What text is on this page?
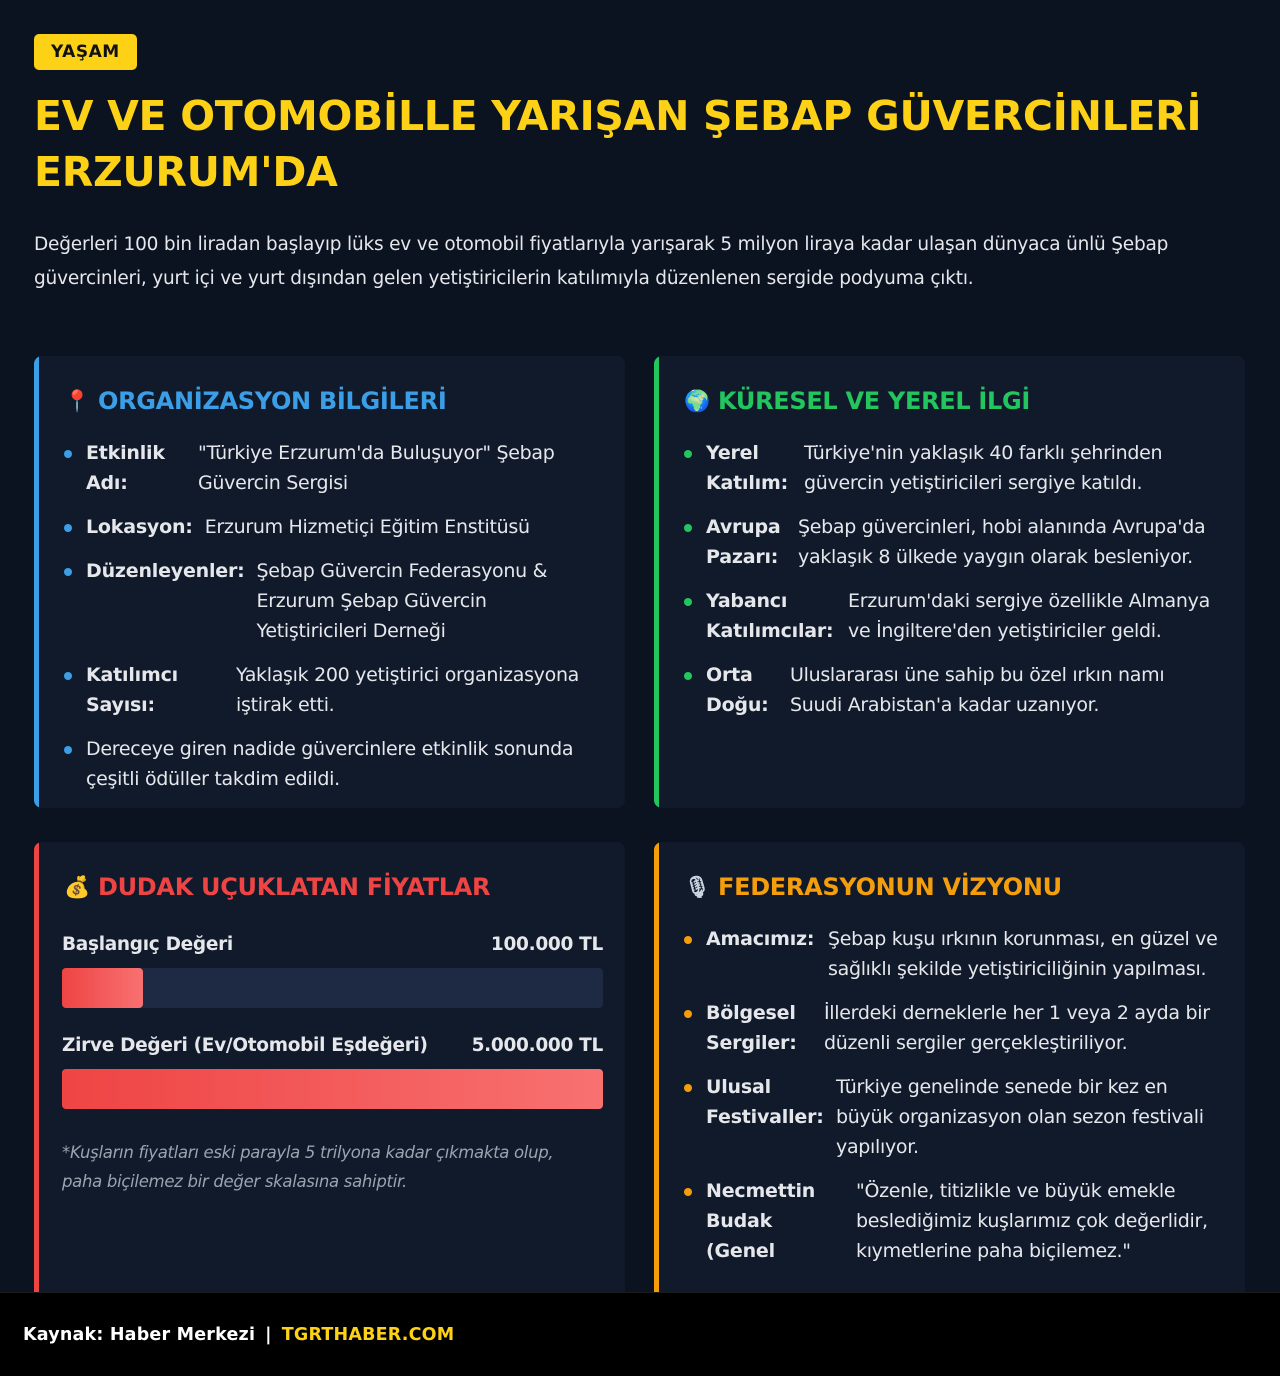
YAŞAM
EV VE OTOMOBİLLE YARIŞAN ŞEBAP GÜVERCİNLERİ ERZURUM'DA

Değerleri 100 bin liradan başlayıp lüks ev ve otomobil fiyatlarıyla yarışarak 5 milyon liraya kadar ulaşan dünyaca ünlü Şebap güvercinleri, yurt içi ve yurt dışından gelen yetiştiricilerin katılımıyla düzenlenen sergide podyuma çıktı.

📍 ORGANİZASYON BİLGİLERİ
Etkinlik Adı:
"Türkiye Erzurum'da Buluşuyor" Şebap Güvercin Sergisi
Lokasyon: Erzurum Hizmetiçi Eğitim Enstitüsü
Düzenleyenler: Şebap Güvercin Federasyonu & Erzurum Şebap Güvercin Yetiştiricileri Derneği
Katılımcı Sayısı:
Yaklaşık 200 yetiştirici organizasyona iştirak etti.
Dereceye giren nadide güvercinlere etkinlik sonunda çeşitli ödüller takdim edildi.
🌍 KÜRESEL VE YEREL İLGİ
Yerel Katılım:
Türkiye'nin yaklaşık 40 farklı şehrinden güvercin yetiştiricileri sergiye katıldı.
Avrupa Pazarı:
Şebap güvercinleri, hobi alanında Avrupa'da yaklaşık 8 ülkede yaygın olarak besleniyor.
Yabancı Katılımcılar:
Erzurum'daki sergiye özellikle Almanya ve İngiltere'den yetiştiriciler geldi.
Orta Doğu:
Uluslararası üne sahip bu özel ırkın namı Suudi Arabistan'a kadar uzanıyor.
💰 DUDAK UÇUKLATAN FİYATLAR
Başlangıç Değeri	100.000 TL
Zirve Değeri (Ev/Otomobil Eşdeğeri) 5.000.000 TL

*Kuşların fiyatları eski parayla 5 trilyona kadar çıkmakta olup, paha biçilemez bir değer skalasına sahiptir.

🎙 FEDERASYONUN VİZYONU
Amacımız: Şebap kuşu ırkının korunması, en güzel ve sağlıklı şekilde yetiştiriciliğinin yapılması.
Bölgesel Sergiler:
İllerdeki derneklerle her 1 veya 2 ayda bir düzenli sergiler gerçekleştiriliyor.
Ulusal Festivaller:
Türkiye genelinde senede bir kez en büyük organizasyon olan sezon festivali yapılıyor.
Necmettin Budak (Genel
"Özenle, titizlikle ve büyük emekle beslediğimiz kuşlarımız çok değerlidir, kıymetlerine paha biçilemez."
Kaynak: Haber Merkezi | TGRTHABER.COM
